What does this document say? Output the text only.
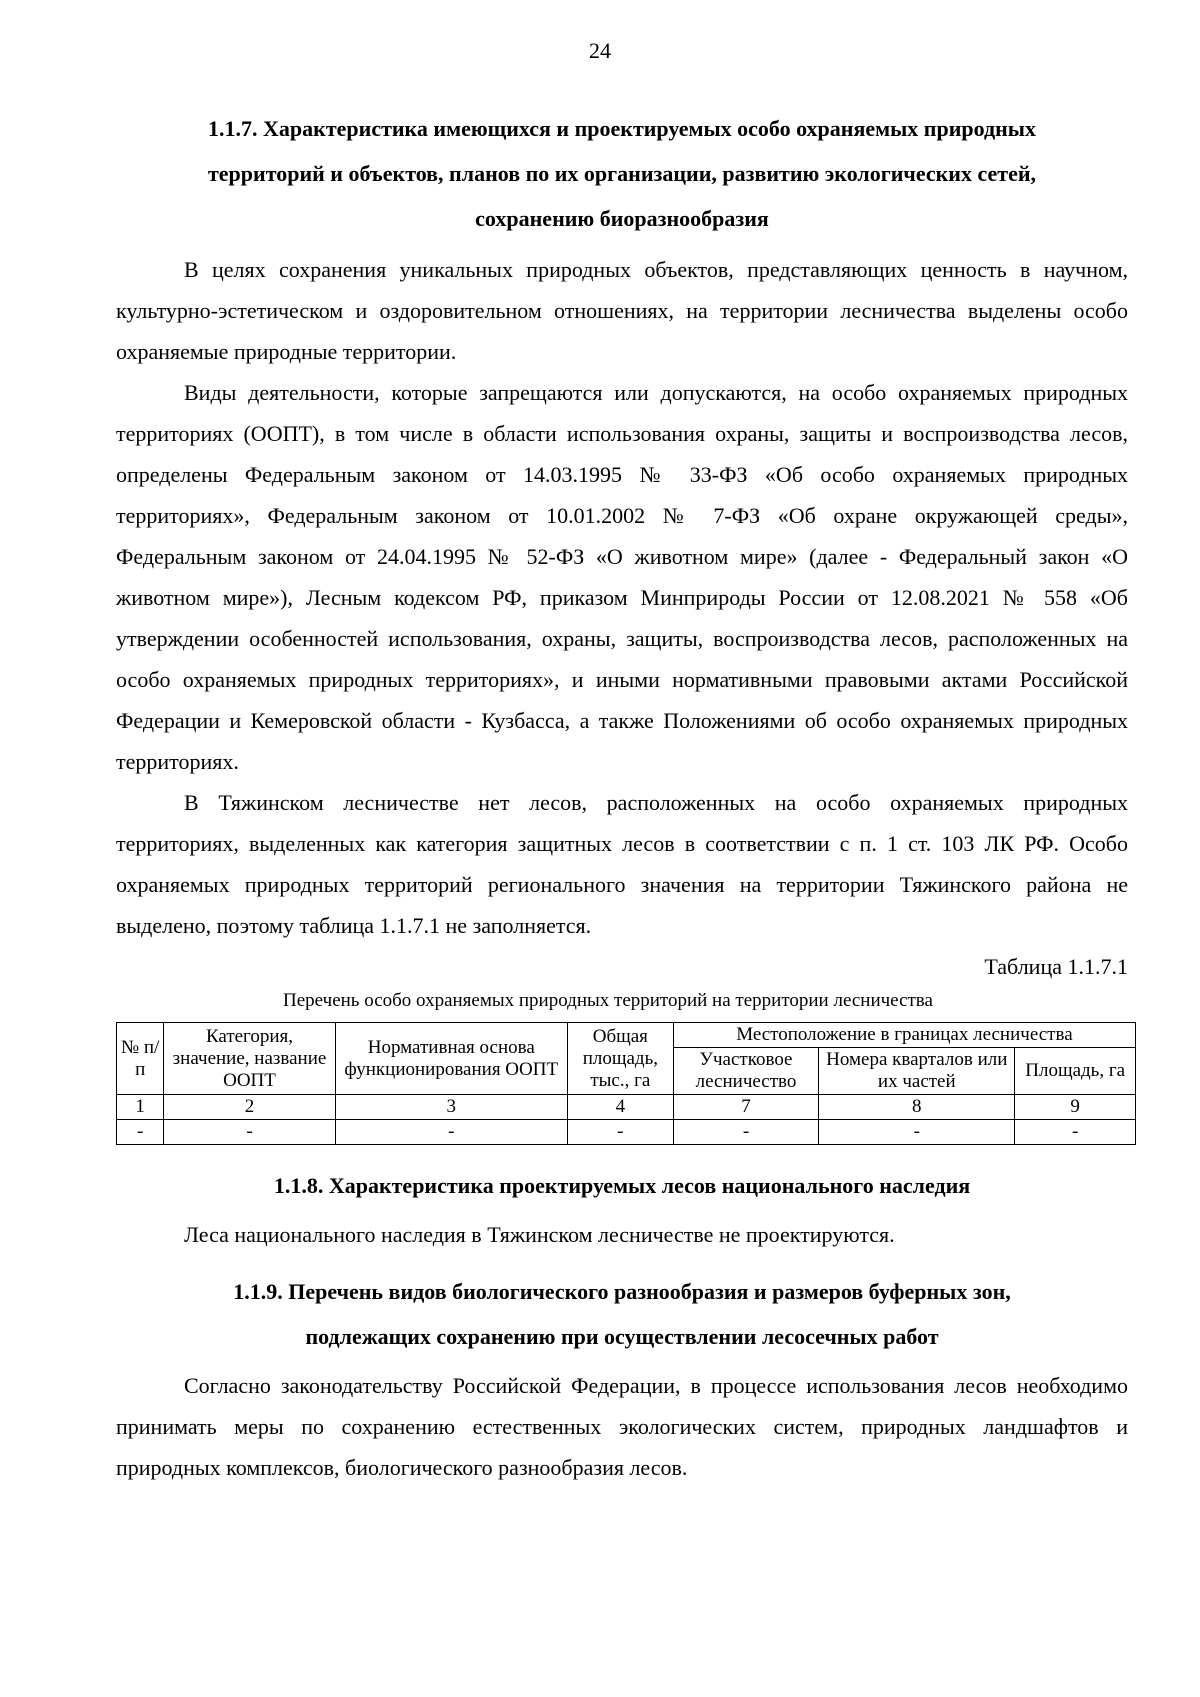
24

1.1.7. Характеристика имеющихся и проектируемых особо охраняемых природных

территорий и объектов, планов по их организации, развитию экологических сетей,

сохранению биоразнообразия

В целях сохранения уникальных природных объектов, представляющих ценность в научном, культурно-эстетическом и оздоровительном отношениях, на территории лесничества выделены особо охраняемые природные территории.

Виды деятельности, которые запрещаются или допускаются, на особо охраняемых природных территориях (ООПТ), в том числе в области использования охраны, защиты и воспроизводства лесов, определены Федеральным законом от 14.03.1995 № 33-ФЗ «Об особо охраняемых природных территориях», Федеральным законом от 10.01.2002 № 7-ФЗ «Об охране окружающей среды», Федеральным законом от 24.04.1995 № 52-ФЗ «О животном мире» (далее - Федеральный закон «О животном мире»), Лесным кодексом РФ, приказом Минприроды России от 12.08.2021 № 558 «Об утверждении особенностей использования, охраны, защиты, воспроизводства лесов, расположенных на особо охраняемых природных территориях», и иными нормативными правовыми актами Российской Федерации и Кемеровской области - Кузбасса, а также Положениями об особо охраняемых природных территориях.

В Тяжинском лесничестве нет лесов, расположенных на особо охраняемых природных территориях, выделенных как категория защитных лесов в соответствии с п. 1 ст. 103 ЛК РФ. Особо охраняемых природных территорий регионального значения на территории Тяжинского района не выделено, поэтому таблица 1.1.7.1 не заполняется.

Таблица 1.1.7.1
Перечень особо охраняемых природных территорий на территории лесничества
№ п/п	Категория, значение, название ООПТ	Нормативная основа функционирования ООПТ	Общая площадь, тыс., га	Местоположение в границах лесничества		
				Участковое лесничество	Номера кварталов или их частей	Площадь, га
1	2	3	4	7	8	9
-	-	-	-	-	-	-

1.1.8. Характеристика проектируемых лесов национального наследия

Леса национального наследия в Тяжинском лесничестве не проектируются.

1.1.9. Перечень видов биологического разнообразия и размеров буферных зон,

подлежащих сохранению при осуществлении лесосечных работ

Согласно законодательству Российской Федерации, в процессе использования лесов необходимо принимать меры по сохранению естественных экологических систем, природных ландшафтов и природных комплексов, биологического разнообразия лесов.
